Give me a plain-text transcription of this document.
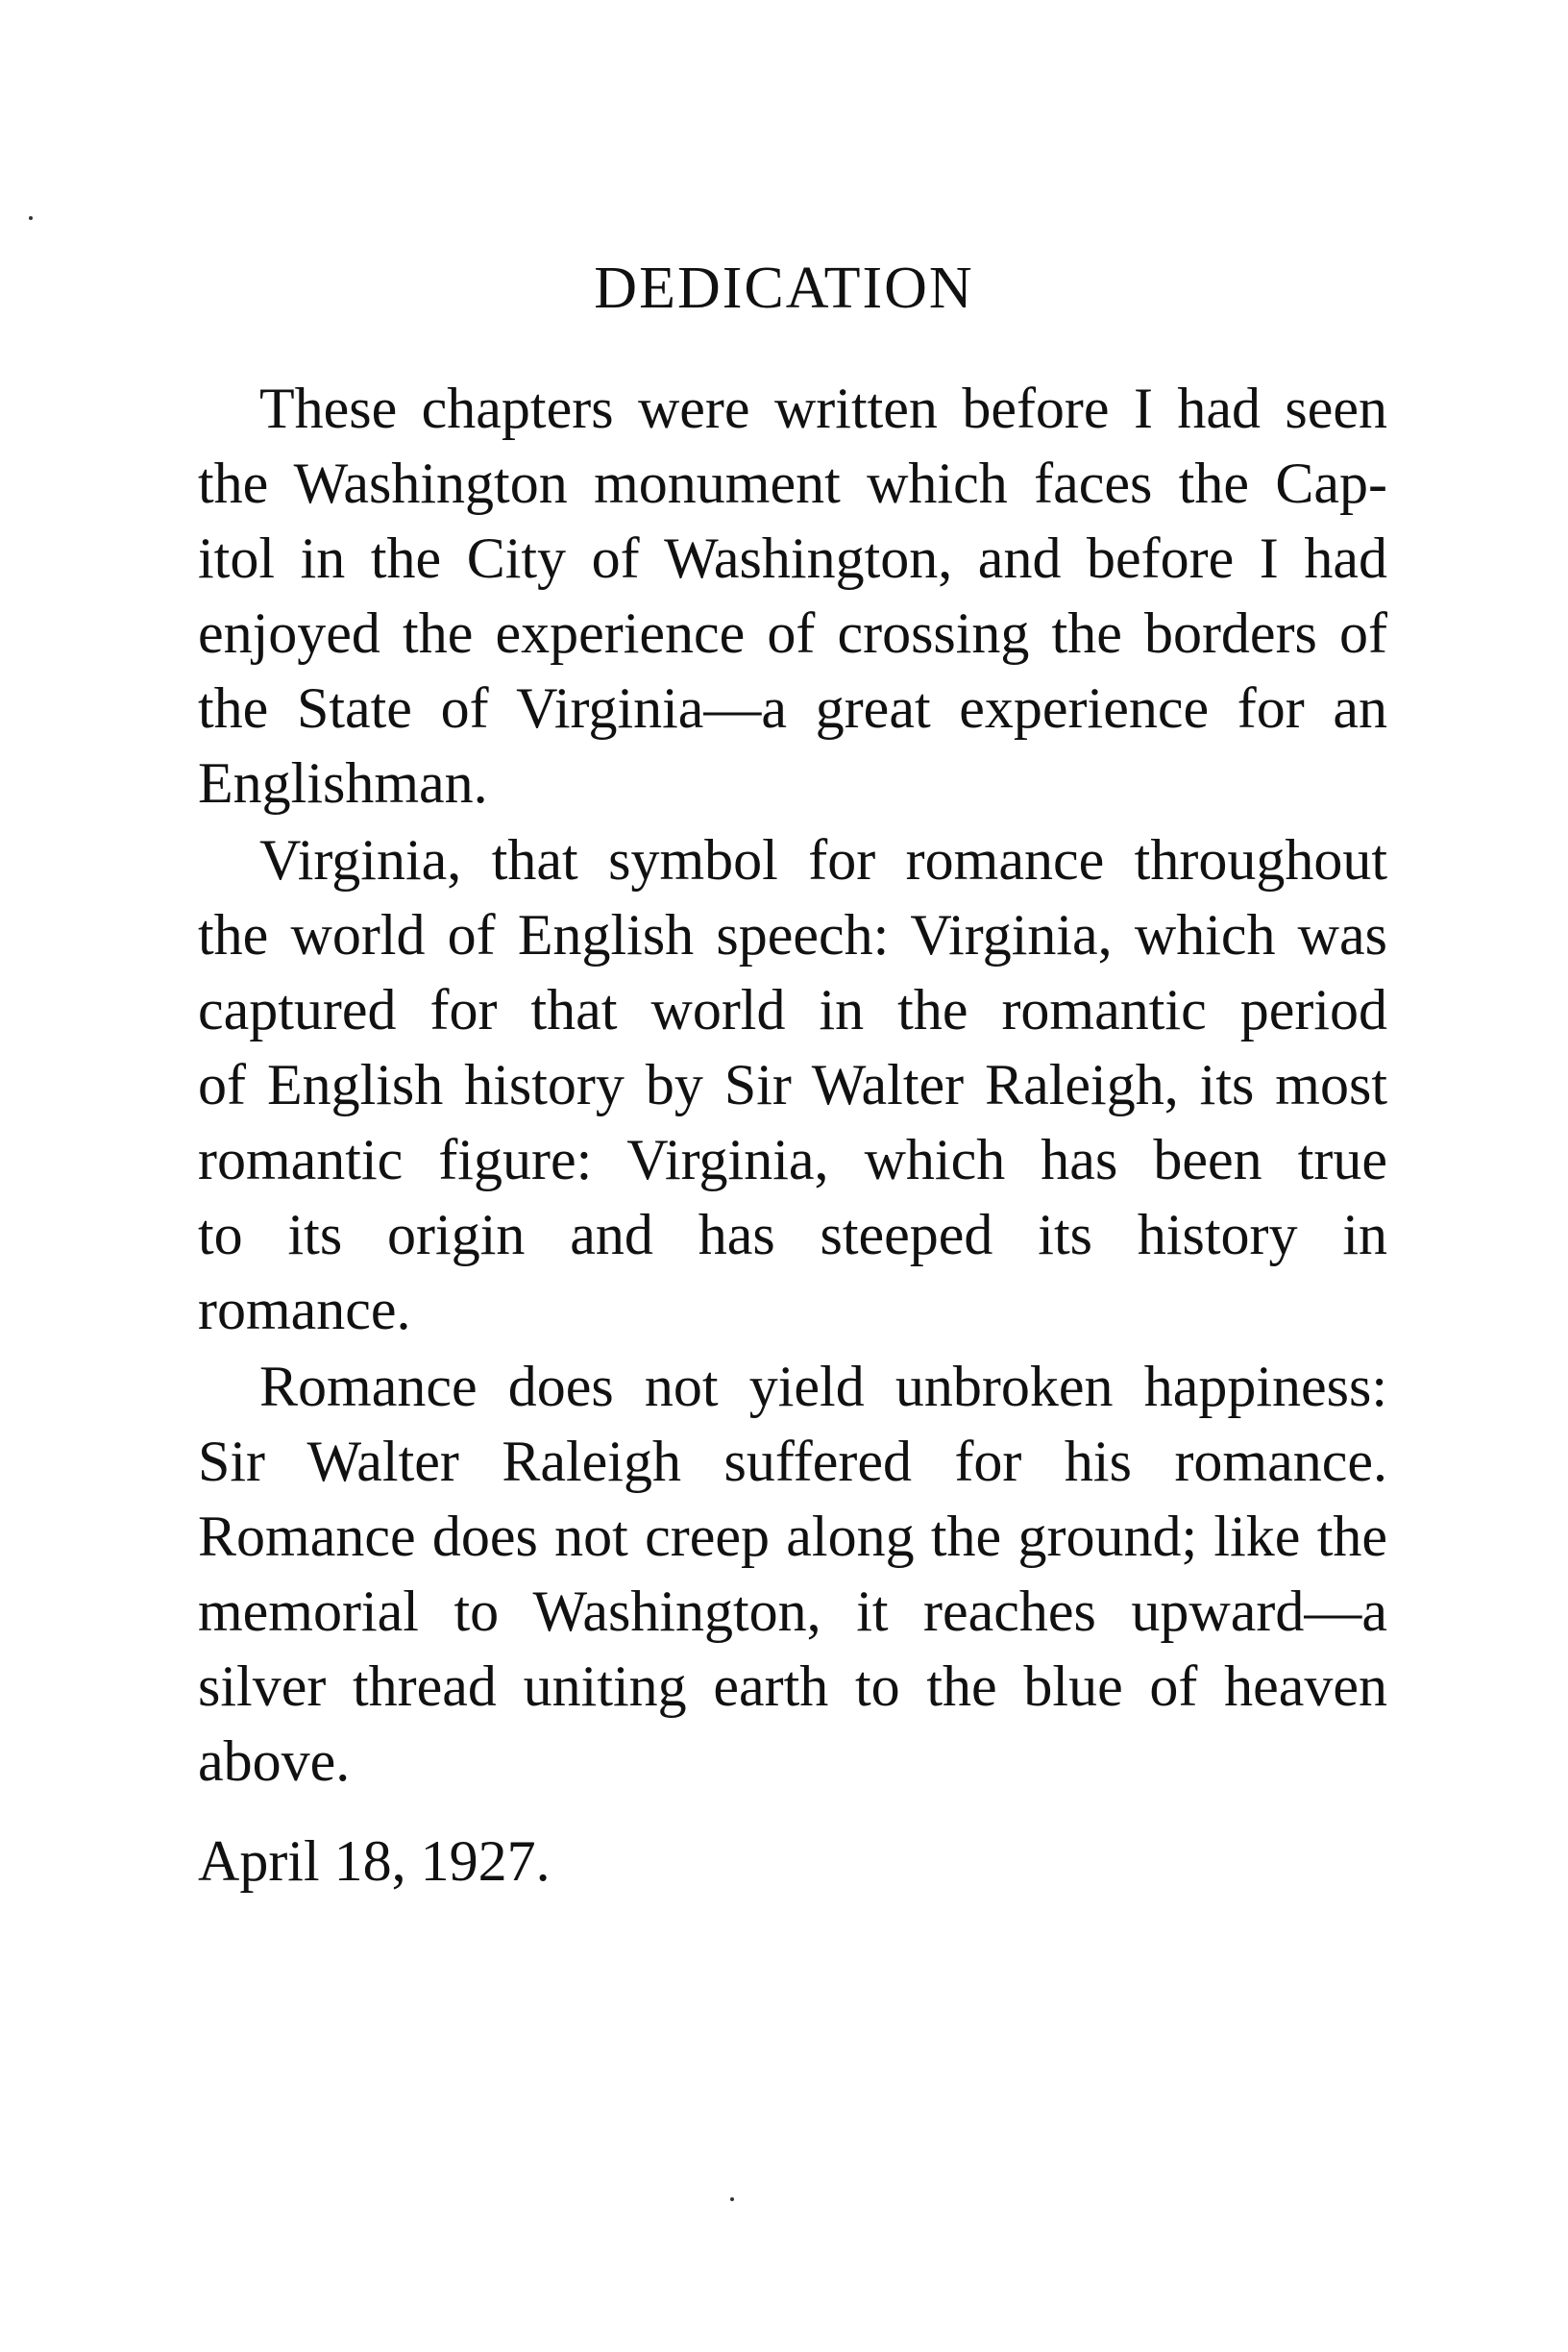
DEDICATION
These chapters were written before I had seen
the Washington monument which faces the Cap-
itol in the City of Washington, and before I had
enjoyed the experience of crossing the borders of
the State of Virginia—a great experience for an
Englishman.
Virginia, that symbol for romance throughout
the world of English speech: Virginia, which was
captured for that world in the romantic period
of English history by Sir Walter Raleigh, its most
romantic figure: Virginia, which has been true
to its origin and has steeped its history in
romance.
Romance does not yield unbroken happiness:
Sir Walter Raleigh suffered for his romance.
Romance does not creep along the ground; like the
memorial to Washington, it reaches upward—a
silver thread uniting earth to the blue of heaven
above.

April 18, 1927.
